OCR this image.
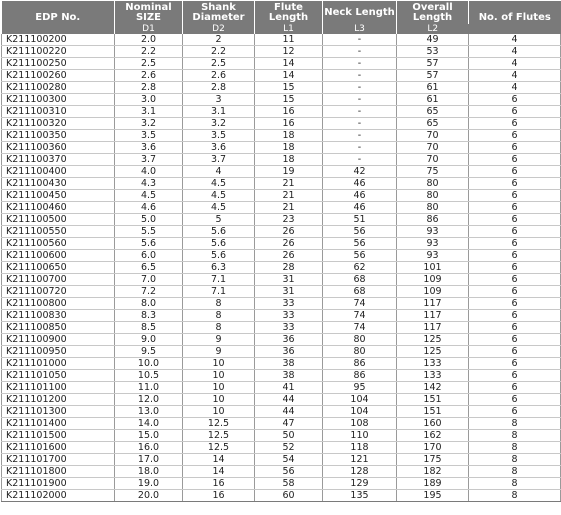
EDP No.	Nominal SIZE	Shank Diameter	Flute Length	Neck Length	Overall Length	No. of Flutes
	D1	D2	L1	L3	L2	
K211100200	2.0	2	11	-	49	4
K211100220	2.2	2.2	12	-	53	4
K211100250	2.5	2.5	14	-	57	4
K211100260	2.6	2.6	14	-	57	4
K211100280	2.8	2.8	15	-	61	4
K211100300	3.0	3	15	-	61	6
K211100310	3.1	3.1	16	-	65	6
K211100320	3.2	3.2	16	-	65	6
K211100350	3.5	3.5	18	-	70	6
K211100360	3.6	3.6	18	-	70	6
K211100370	3.7	3.7	18	-	70	6
K211100400	4.0	4	19	42	75	6
K211100430	4.3	4.5	21	46	80	6
K211100450	4.5	4.5	21	46	80	6
K211100460	4.6	4.5	21	46	80	6
K211100500	5.0	5	23	51	86	6
K211100550	5.5	5.6	26	56	93	6
K211100560	5.6	5.6	26	56	93	6
K211100600	6.0	5.6	26	56	93	6
K211100650	6.5	6.3	28	62	101	6
K211100700	7.0	7.1	31	68	109	6
K211100720	7.2	7.1	31	68	109	6
K211100800	8.0	8	33	74	117	6
K211100830	8.3	8	33	74	117	6
K211100850	8.5	8	33	74	117	6
K211100900	9.0	9	36	80	125	6
K211100950	9.5	9	36	80	125	6
K211101000	10.0	10	38	86	133	6
K211101050	10.5	10	38	86	133	6
K211101100	11.0	10	41	95	142	6
K211101200	12.0	10	44	104	151	6
K211101300	13.0	10	44	104	151	6
K211101400	14.0	12.5	47	108	160	8
K211101500	15.0	12.5	50	110	162	8
K211101600	16.0	12.5	52	118	170	8
K211101700	17.0	14	54	121	175	8
K211101800	18.0	14	56	128	182	8
K211101900	19.0	16	58	129	189	8
K211102000	20.0	16	60	135	195	8
